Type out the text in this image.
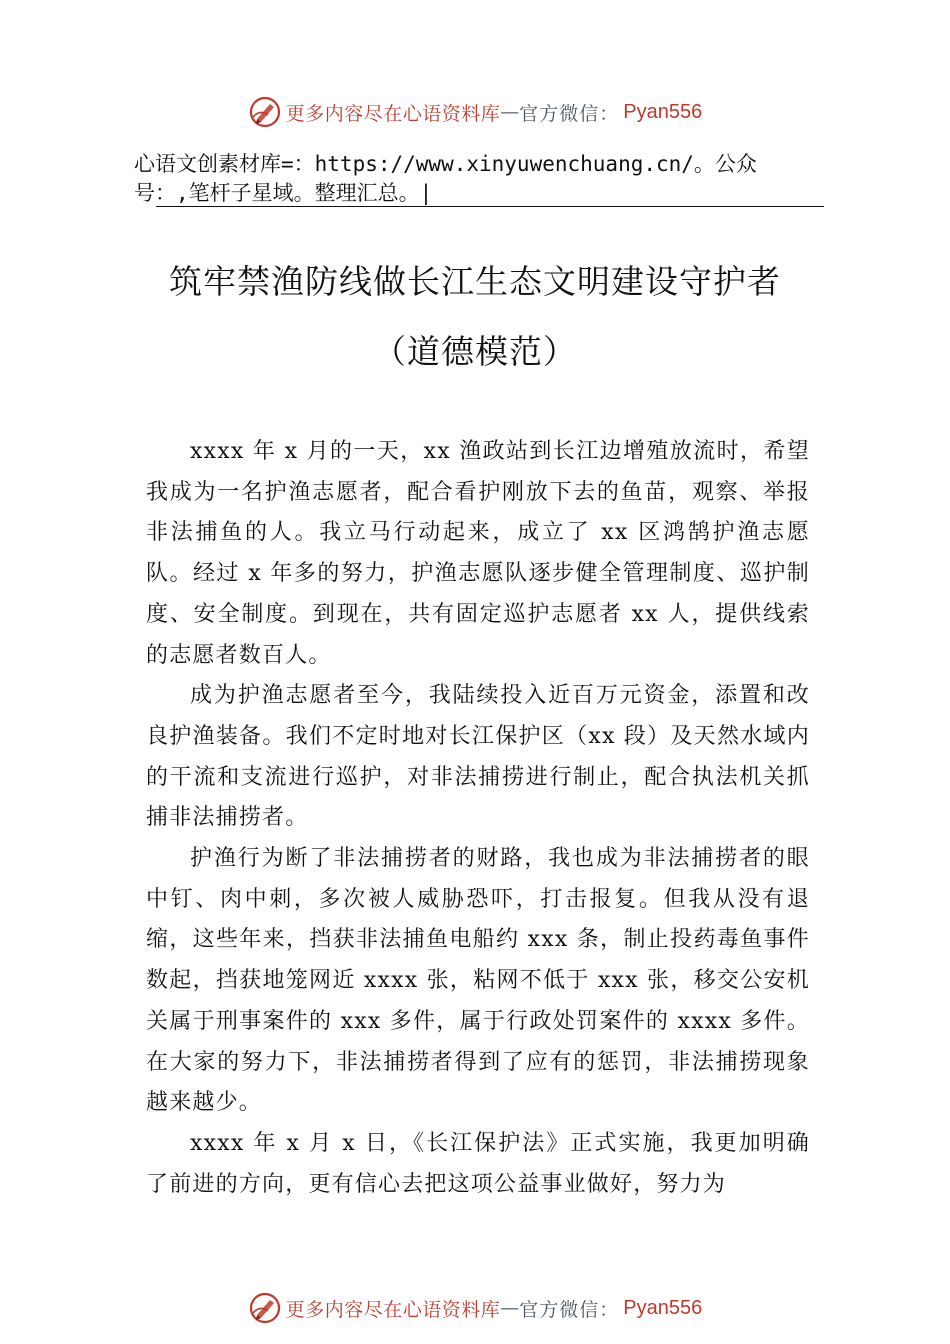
更多内容尽在心语资料库 — 官方微信： Pyan556
心语文创素材库=：https://www.xinyuwenchuang.cn/。公众
号：,笔杆子星域。整理汇总。|
筑牢禁渔防线做长江生态文明建设守护者
（道德模范）

xxxx 年 x 月的一天，xx 渔政站到长江边增殖放流时，希望我成为一名护渔志愿者，配合看护刚放下去的鱼苗，观察、举报非法捕鱼的人。我立马行动起来，成立了 xx 区鸿鹄护渔志愿队。经过 x 年多的努力，护渔志愿队逐步健全管理制度、巡护制度、安全制度。到现在，共有固定巡护志愿者 xx 人，提供线索的志愿者数百人。

成为护渔志愿者至今，我陆续投入近百万元资金，添置和改良护渔装备。我们不定时地对长江保护区（xx 段）及天然水域内的干流和支流进行巡护，对非法捕捞进行制止，配合执法机关抓捕非法捕捞者。

护渔行为断了非法捕捞者的财路，我也成为非法捕捞者的眼中钉、肉中刺，多次被人威胁恐吓，打击报复。但我从没有退缩，这些年来，挡获非法捕鱼电船约 xxx 条，制止投药毒鱼事件数起，挡获地笼网近 xxxx 张，粘网不低于 xxx 张，移交公安机关属于刑事案件的 xxx 多件，属于行政处罚案件的 xxxx 多件。在大家的努力下，非法捕捞者得到了应有的惩罚，非法捕捞现象越来越少。

xxxx 年 x 月 x 日，《长江保护法》正式实施，我更加明确了前进的方向，更有信心去把这项公益事业做好，努力为

更多内容尽在心语资料库 — 官方微信： Pyan556
